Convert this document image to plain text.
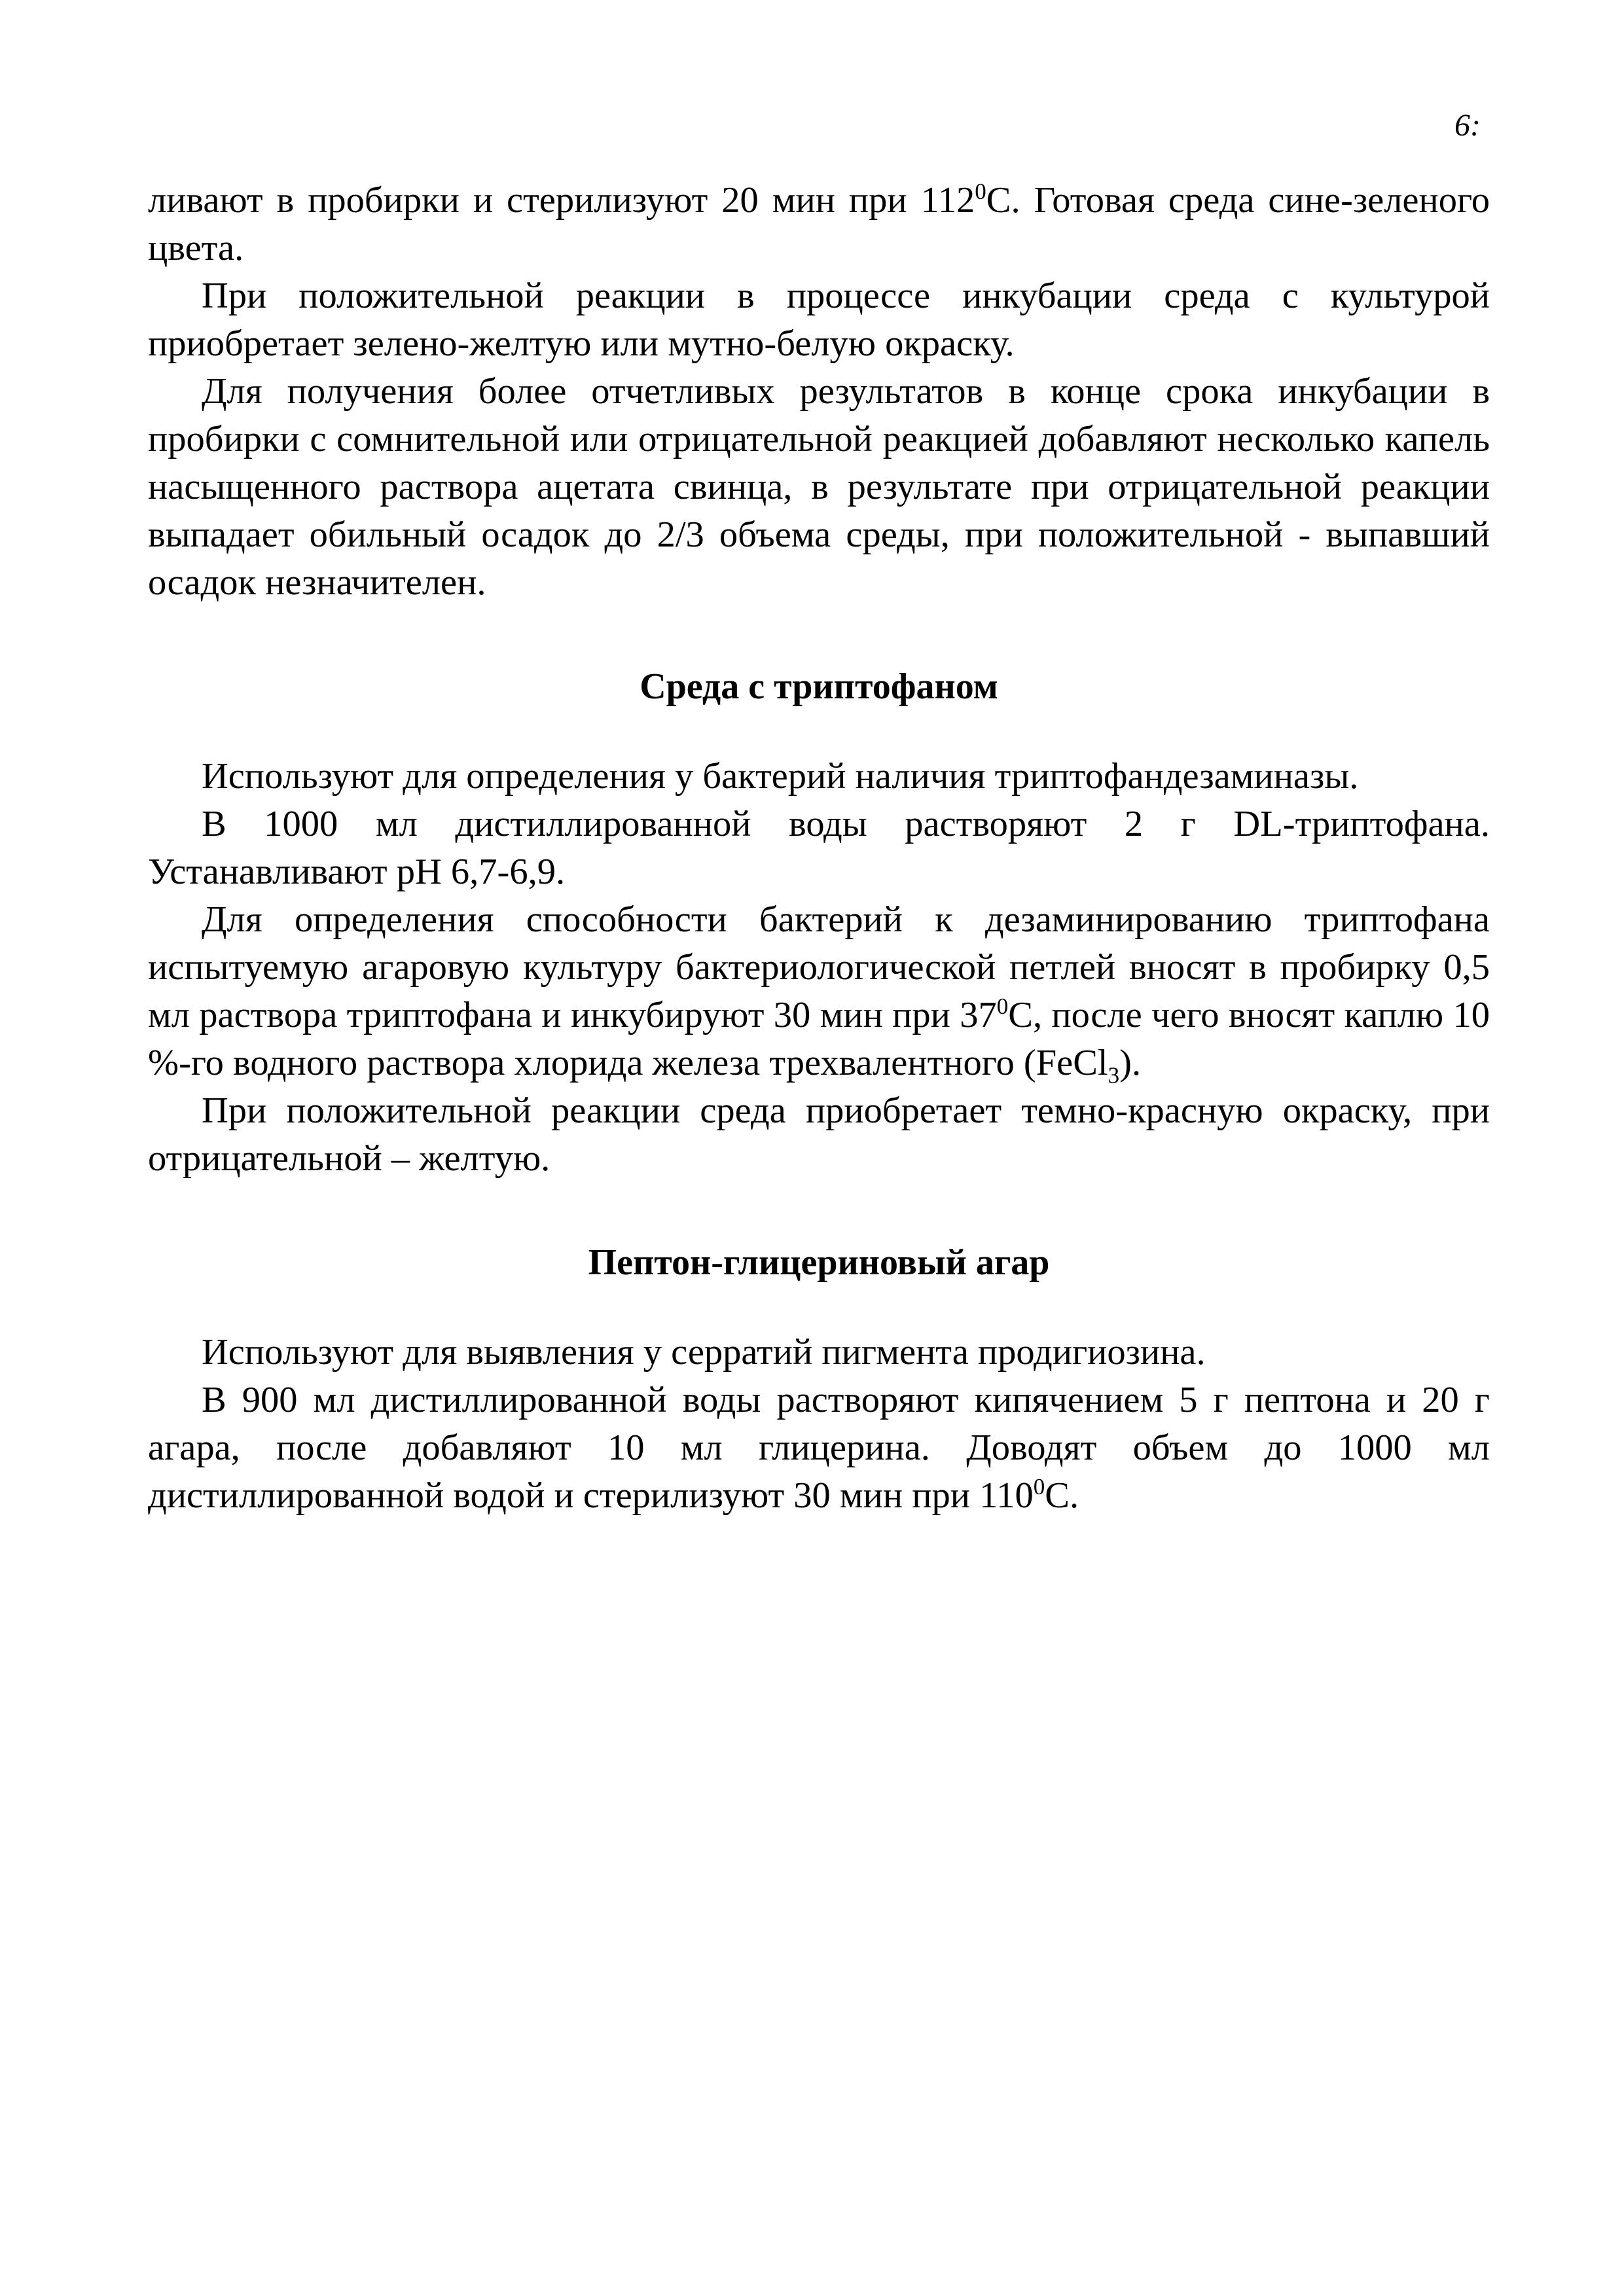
6:

ливают в пробирки и стерилизуют 20 мин при $112^0С$. Готовая среда сине-зеленого цвета.

При положительной реакции в процессе инкубации среда с культурой приобретает зелено-желтую или мутно-белую окраску.

Для получения более отчетливых результатов в конце срока инкубации в пробирки с сомнительной или отрицательной реакцией добавляют несколько капель насыщенного раствора ацетата свинца, в результате при отрицательной реакции выпадает обильный осадок до 2/3 объема среды, при положительной - выпавший осадок незначителен.

Среда с триптофаном

Используют для определения у бактерий наличия триптофандезаминазы.

В 1000 мл дистиллированной воды растворяют 2 г DL-триптофана. Устанавливают pH 6,7-6,9.

Для определения способности бактерий к дезаминированию триптофана испытуемую агаровую культуру бактериологической петлей вносят в пробирку 0,5 мл раствора триптофана и инкубируют 30 мин при $37^0С$, после чего вносят каплю 10 %-го водного раствора хлорида железа трехвалентного (FeCl$_3$).

При положительной реакции среда приобретает темно-красную окраску, при отрицательной – желтую.

Пептон-глицериновый агар

Используют для выявления у серратий пигмента продигиозина.

В 900 мл дистиллированной воды растворяют кипячением 5 г пептона и 20 г агара, после добавляют 10 мл глицерина. Доводят объем до 1000 мл дистиллированной водой и стерилизуют 30 мин при $110^0С$.
